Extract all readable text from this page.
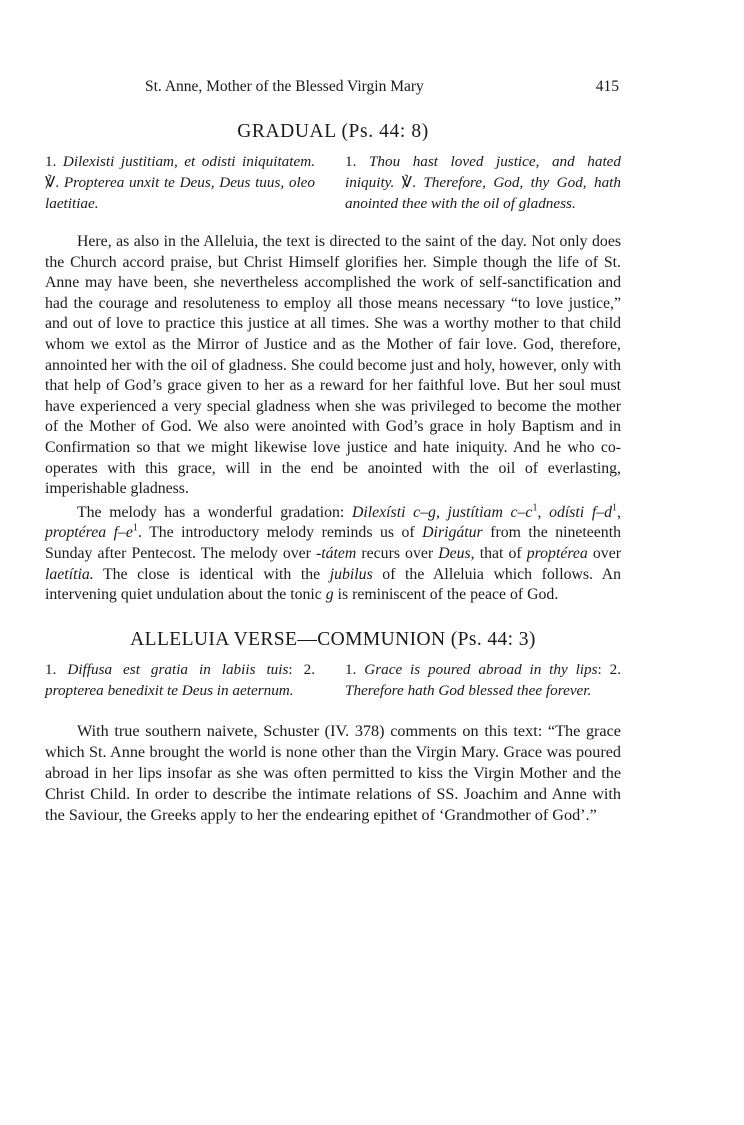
St. Anne, Mother of the Blessed Virgin Mary	415
GRADUAL (Ps. 44: 8)
1. Dilexisti justitiam, et odisti iniquitatem. ℣. Propterea unxit te Deus, Deus tuus, oleo laetitiae.
1. Thou hast loved justice, and hated iniquity. ℣. Therefore, God, thy God, hath anointed thee with the oil of gladness.

Here, as also in the Alleluia, the text is directed to the saint of the day. Not only does the Church accord praise, but Christ Himself glorifies her. Simple though the life of St. Anne may have been, she nevertheless accomplished the work of self-sanctification and had the courage and resoluteness to employ all those means necessary “to love justice,” and out of love to practice this justice at all times. She was a worthy mother to that child whom we extol as the Mirror of Justice and as the Mother of fair love. God, therefore, annointed her with the oil of gladness. She could become just and holy, however, only with that help of God’s grace given to her as a reward for her faithful love. But her soul must have experienced a very special gladness when she was privileged to become the mother of the Mother of God. We also were anointed with God’s grace in holy Baptism and in Confirmation so that we might likewise love justice and hate iniquity. And he who co-operates with this grace, will in the end be anointed with the oil of everlasting, imperishable gladness.

The melody has a wonderful gradation: Dilexísti c–g, justítiam $c-c^1$, odísti $f-d^1$, proptérea $f-e^1$. The introductory melody reminds us of Dirigátur from the nineteenth Sunday after Pentecost. The melody over -tátem recurs over Deus, that of proptérea over laetítia. The close is identical with the jubilus of the Alleluia which follows. An intervening quiet undulation about the tonic g is reminiscent of the peace of God.

ALLELUIA VERSE—COMMUNION (Ps. 44: 3)
1. Diffusa est gratia in labiis tuis: 2. propterea benedixit te Deus in aeternum.
1. Grace is poured abroad in thy lips: 2. Therefore hath God blessed thee forever.

With true southern naivete, Schuster (IV. 378) comments on this text: “The grace which St. Anne brought the world is none other than the Virgin Mary. Grace was poured abroad in her lips insofar as she was often permitted to kiss the Virgin Mother and the Christ Child. In order to describe the intimate relations of SS. Joachim and Anne with the Saviour, the Greeks apply to her the endearing epithet of ‘Grandmother of God’.”
